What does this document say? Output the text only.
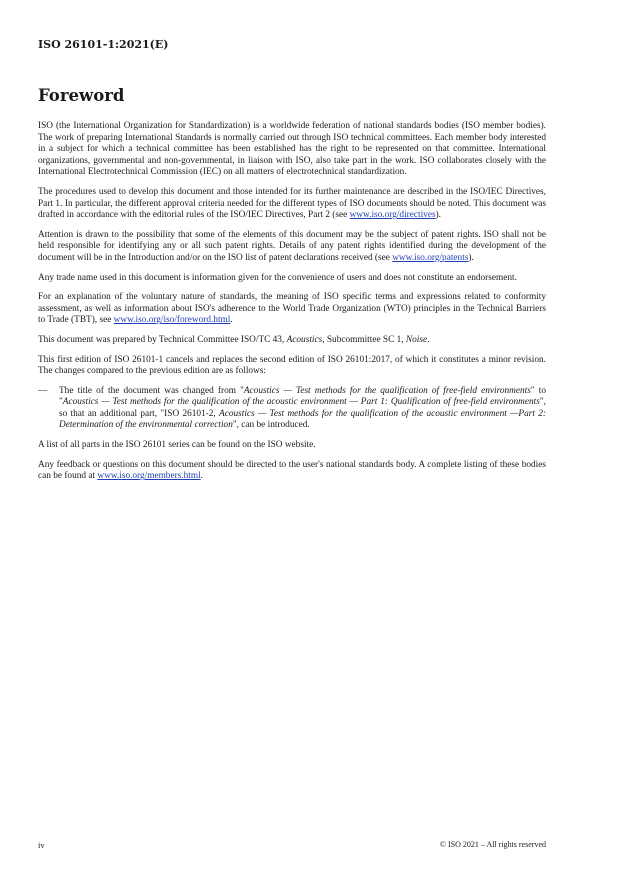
ISO 26101-1:2021(E)
Foreword

ISO (the International Organization for Standardization) is a worldwide federation of national standards bodies (ISO member bodies). The work of preparing International Standards is normally carried out through ISO technical committees. Each member body interested in a subject for which a technical committee has been established has the right to be represented on that committee. International organizations, governmental and non-governmental, in liaison with ISO, also take part in the work. ISO collaborates closely with the International Electrotechnical Commission (IEC) on all matters of electrotechnical standardization.

The procedures used to develop this document and those intended for its further maintenance are described in the ISO/IEC Directives, Part 1. In particular, the different approval criteria needed for the different types of ISO documents should be noted. This document was drafted in accordance with the editorial rules of the ISO/IEC Directives, Part 2 (see www.iso.org/directives).

Attention is drawn to the possibility that some of the elements of this document may be the subject of patent rights. ISO shall not be held responsible for identifying any or all such patent rights. Details of any patent rights identified during the development of the document will be in the Introduction and/or on the ISO list of patent declarations received (see www.iso.org/patents).

Any trade name used in this document is information given for the convenience of users and does not constitute an endorsement.

For an explanation of the voluntary nature of standards, the meaning of ISO specific terms and expressions related to conformity assessment, as well as information about ISO's adherence to the World Trade Organization (WTO) principles in the Technical Barriers to Trade (TBT), see www.iso.org/iso/foreword.html.

This document was prepared by Technical Committee ISO/TC 43, Acoustics, Subcommittee SC 1, Noise.

This first edition of ISO 26101-1 cancels and replaces the second edition of ISO 26101:2017, of which it constitutes a minor revision. The changes compared to the previous edition are as follows:

—	The title of the document was changed from "Acoustics — Test methods for the qualification of free-field environments" to "Acoustics — Test methods for the qualification of the acoustic environment — Part 1: Qualification of free-field environments", so that an additional part, "ISO 26101-2, Acoustics — Test methods for the qualification of the acoustic environment —Part 2: Determination of the environmental correction", can be introduced.

A list of all parts in the ISO 26101 series can be found on the ISO website.

Any feedback or questions on this document should be directed to the user's national standards body. A complete listing of these bodies can be found at www.iso.org/members.html.

iv	© ISO 2021 – All rights reserved
